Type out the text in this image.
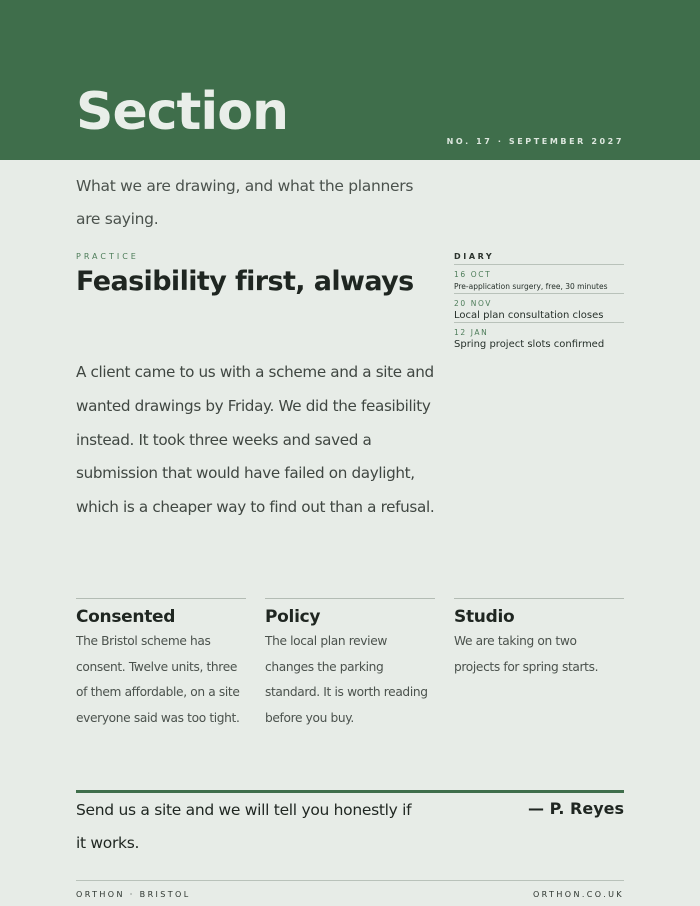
Section	NO. 17 · SEPTEMBER 2027
What we are drawing, and what the planners are saying.
PRACTICE
Feasibility first, always
A client came to us with a scheme and a site and wanted drawings by Friday. We did the feasibility instead. It took three weeks and saved a submission that would have failed on daylight, which is a cheaper way to find out than a refusal.
DIARY
16 OCT
Pre-application surgery, free, 30 minutes
20 NOV
Local plan consultation closes
12 JAN
Spring project slots confirmed
Consented
The Bristol scheme has consent. Twelve units, three of them affordable, on a site everyone said was too tight.
Policy
The local plan review changes the parking standard. It is worth reading before you buy.
Studio
We are taking on two projects for spring starts.
Send us a site and we will tell you honestly if it works.
— P. Reyes
ORTHON · BRISTOL	ORTHON.CO.UK
